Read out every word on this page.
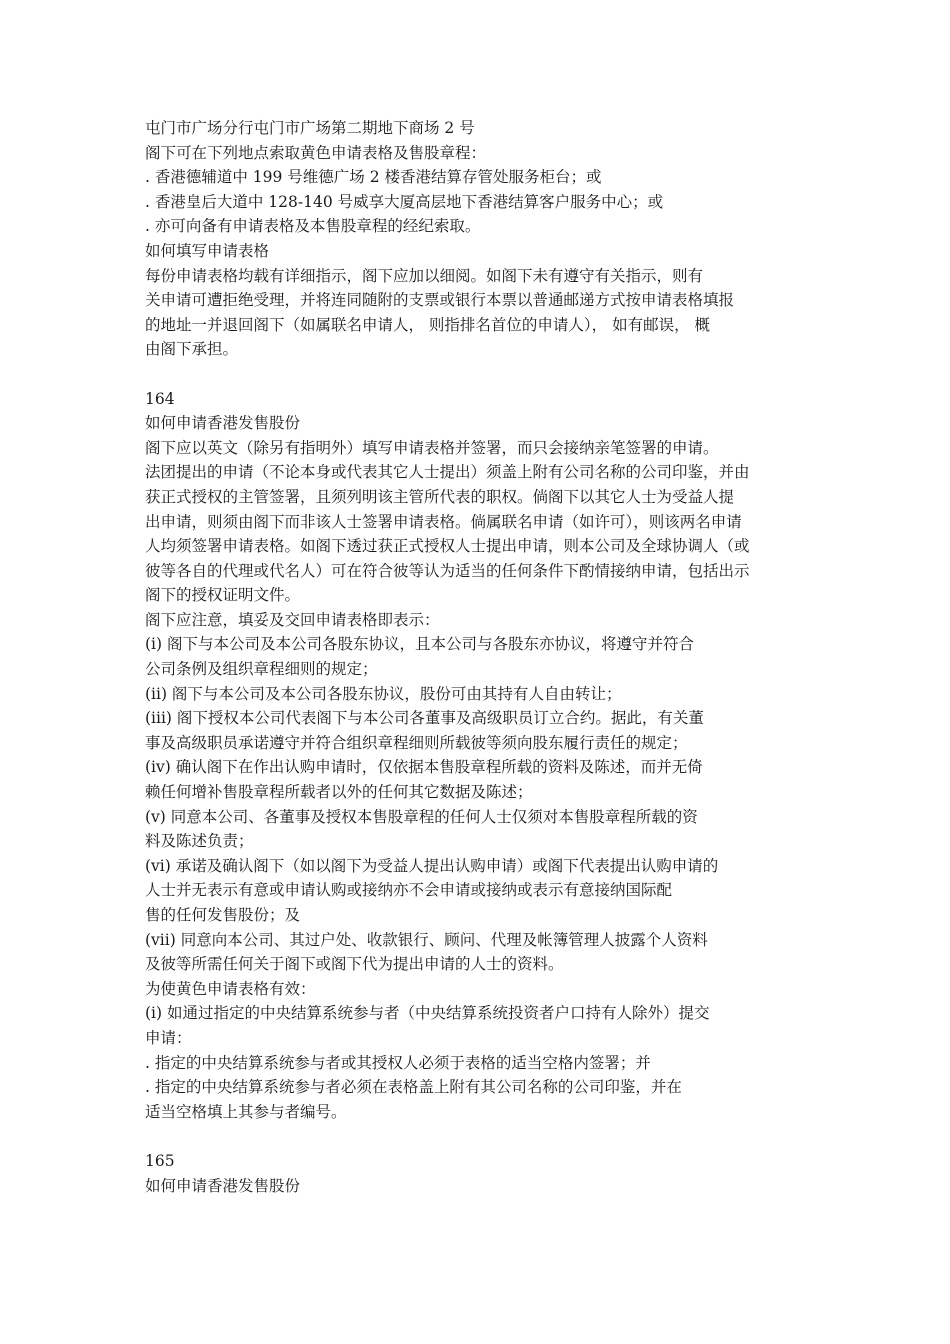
屯门市广场分行屯门市广场第二期地下商场 2 号
阁下可在下列地点索取黄色申请表格及售股章程：
. 香港德辅道中 199 号维德广场 2 楼香港结算存管处服务柜台；或
. 香港皇后大道中 128-140 号威享大厦高层地下香港结算客户服务中心；或
. 亦可向备有申请表格及本售股章程的经纪索取。
如何填写申请表格
每份申请表格均载有详细指示，阁下应加以细阅。如阁下未有遵守有关指示，则有
关申请可遭拒绝受理，并将连同随附的支票或银行本票以普通邮递方式按申请表格填报
的地址一并退回阁下（如属联名申请人， 则指排名首位的申请人）， 如有邮误， 概
由阁下承担。
164
如何申请香港发售股份
阁下应以英文（除另有指明外）填写申请表格并签署，而只会接纳亲笔签署的申请。
法团提出的申请（不论本身或代表其它人士提出）须盖上附有公司名称的公司印鉴，并由
获正式授权的主管签署，且须列明该主管所代表的职权。倘阁下以其它人士为受益人提
出申请，则须由阁下而非该人士签署申请表格。倘属联名申请（如许可），则该两名申请
人均须签署申请表格。如阁下透过获正式授权人士提出申请，则本公司及全球协调人（或
彼等各自的代理或代名人）可在符合彼等认为适当的任何条件下酌情接纳申请，包括出示
阁下的授权证明文件。
阁下应注意，填妥及交回申请表格即表示：
(i) 阁下与本公司及本公司各股东协议，且本公司与各股东亦协议，将遵守并符合
公司条例及组织章程细则的规定；
(ii) 阁下与本公司及本公司各股东协议，股份可由其持有人自由转让；
(iii) 阁下授权本公司代表阁下与本公司各董事及高级职员订立合约。据此，有关董
事及高级职员承诺遵守并符合组织章程细则所载彼等须向股东履行责任的规定；
(iv) 确认阁下在作出认购申请时，仅依据本售股章程所载的资料及陈述，而并无倚
赖任何增补售股章程所载者以外的任何其它数据及陈述；
(v) 同意本公司、各董事及授权本售股章程的任何人士仅须对本售股章程所载的资
料及陈述负责；
(vi) 承诺及确认阁下（如以阁下为受益人提出认购申请）或阁下代表提出认购申请的
人士并无表示有意或申请认购或接纳亦不会申请或接纳或表示有意接纳国际配
售的任何发售股份；及
(vii) 同意向本公司、其过户处、收款银行、顾问、代理及帐簿管理人披露个人资料
及彼等所需任何关于阁下或阁下代为提出申请的人士的资料。
为使黄色申请表格有效：
(i) 如通过指定的中央结算系统参与者（中央结算系统投资者户口持有人除外）提交
申请：
. 指定的中央结算系统参与者或其授权人必须于表格的适当空格内签署；并
. 指定的中央结算系统参与者必须在表格盖上附有其公司名称的公司印鉴，并在
适当空格填上其参与者编号。
165
如何申请香港发售股份
